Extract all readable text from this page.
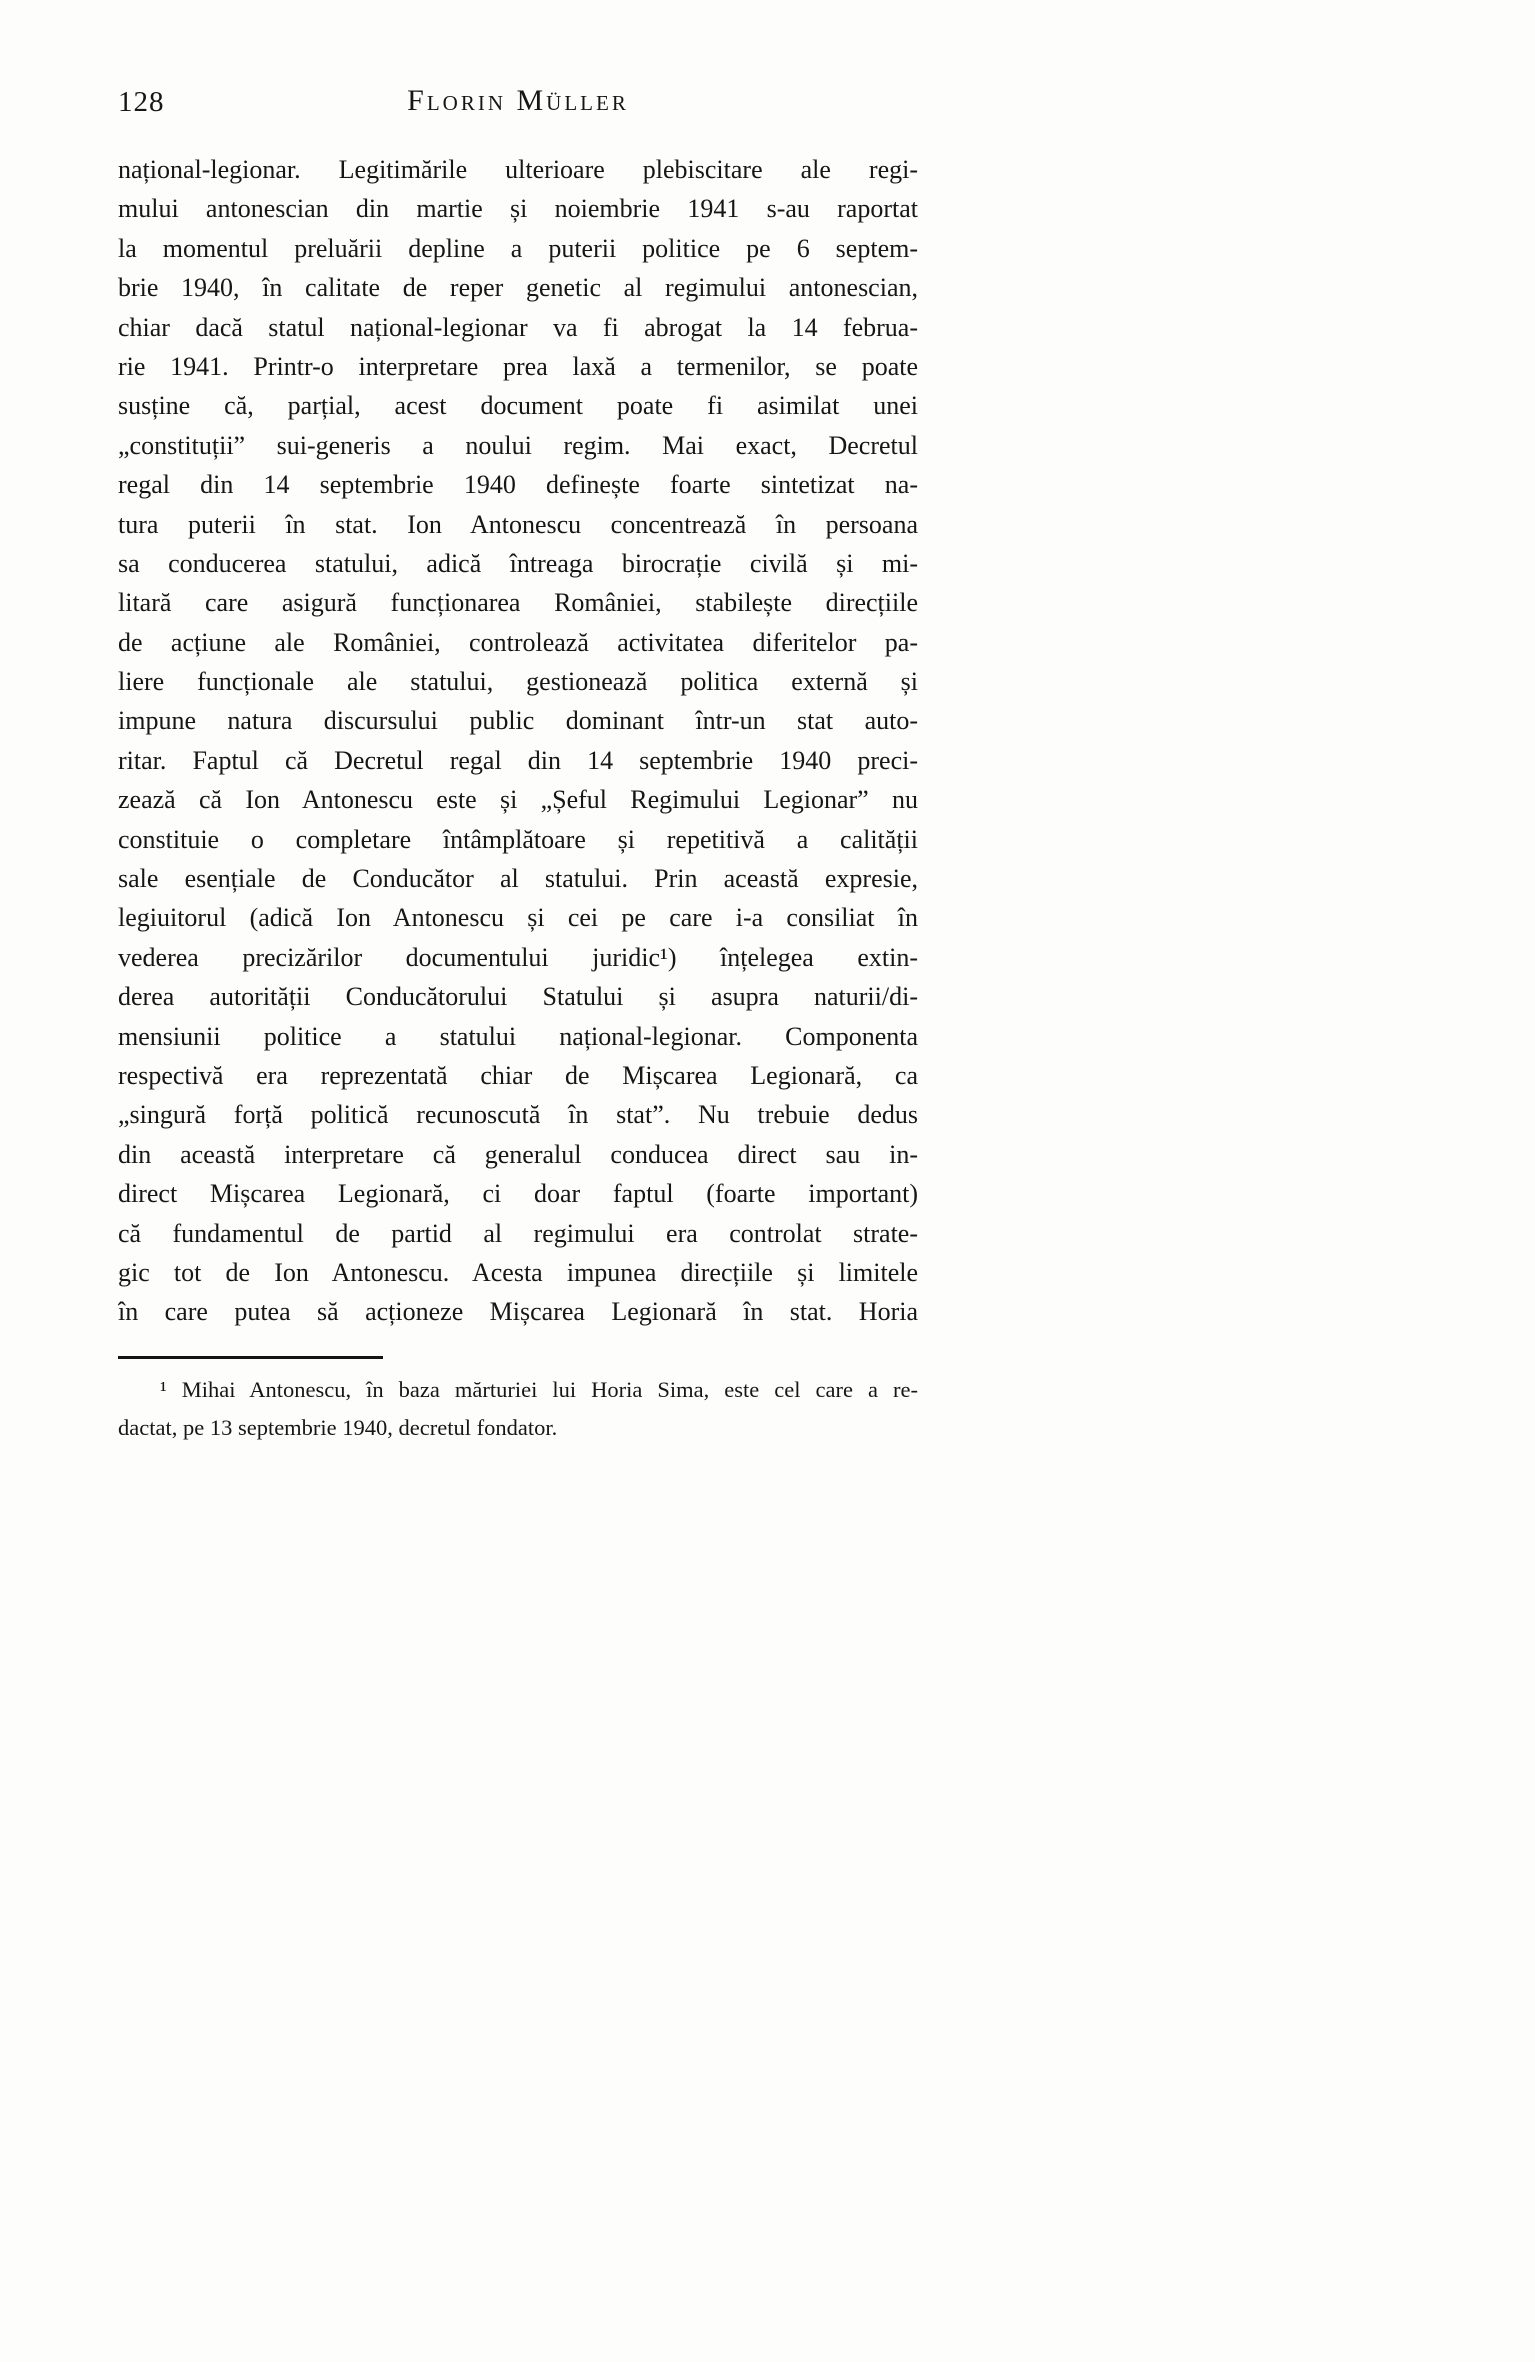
128	Florin Müller
național-legionar. Legitimările ulterioare plebiscitare ale regi-
mului antonescian din martie și noiembrie 1941 s-au raportat
la momentul preluării depline a puterii politice pe 6 septem-
brie 1940, în calitate de reper genetic al regimului antonescian,
chiar dacă statul național-legionar va fi abrogat la 14 februa-
rie 1941. Printr-o interpretare prea laxă a termenilor, se poate
susține că, parțial, acest document poate fi asimilat unei
„constituții” sui-generis a noului regim. Mai exact, Decretul
regal din 14 septembrie 1940 definește foarte sintetizat na-
tura puterii în stat. Ion Antonescu concentrează în persoana
sa conducerea statului, adică întreaga birocrație civilă și mi-
litară care asigură funcționarea României, stabilește direcțiile
de acțiune ale României, controlează activitatea diferitelor pa-
liere funcționale ale statului, gestionează politica externă și
impune natura discursului public dominant într-un stat auto-
ritar. Faptul că Decretul regal din 14 septembrie 1940 preci-
zează că Ion Antonescu este și „Șeful Regimului Legionar” nu
constituie o completare întâmplătoare și repetitivă a calității
sale esențiale de Conducător al statului. Prin această expresie,
legiuitorul (adică Ion Antonescu și cei pe care i-a consiliat în
vederea precizărilor documentului juridic¹) înțelegea extin-
derea autorității Conducătorului Statului și asupra naturii/di-
mensiunii politice a statului național-legionar. Componenta
respectivă era reprezentată chiar de Mișcarea Legionară, ca
„singură forță politică recunoscută în stat”. Nu trebuie dedus
din această interpretare că generalul conducea direct sau in-
direct Mișcarea Legionară, ci doar faptul (foarte important)
că fundamentul de partid al regimului era controlat strate-
gic tot de Ion Antonescu. Acesta impunea direcțiile și limitele
în care putea să acționeze Mișcarea Legionară în stat. Horia
¹ Mihai Antonescu, în baza mărturiei lui Horia Sima, este cel care a re-
dactat, pe 13 septembrie 1940, decretul fondator.
